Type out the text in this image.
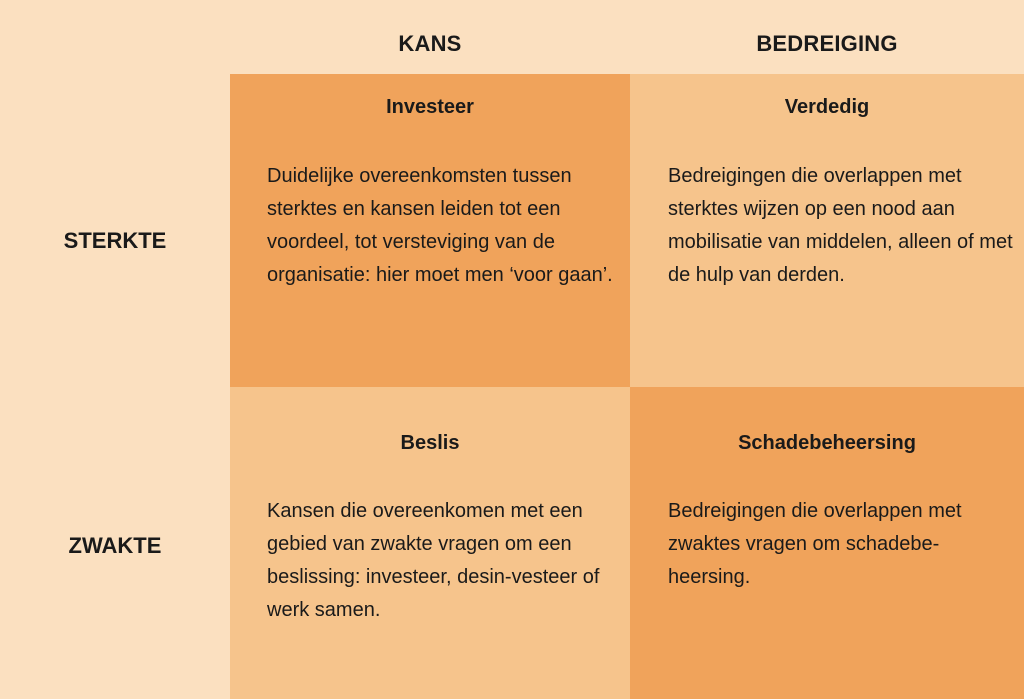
KANS	BEDREIGING
STERKTE
ZWAKTE
Investeer
Duidelijke overeenkomsten tussen sterktes en kansen leiden tot een voordeel, tot versteviging van de organisatie: hier moet men ‘voor gaan’.
Verdedig
Bedreigingen die overlappen met sterktes wijzen op een nood aan mobilisatie van middelen, alleen of met de hulp van derden.
Beslis
Kansen die overeenkomen met een gebied van zwakte vragen om een beslissing: investeer, desin-vesteer of werk samen.
Schadebeheersing
Bedreigingen die overlappen met zwaktes vragen om schadebe-heersing.
